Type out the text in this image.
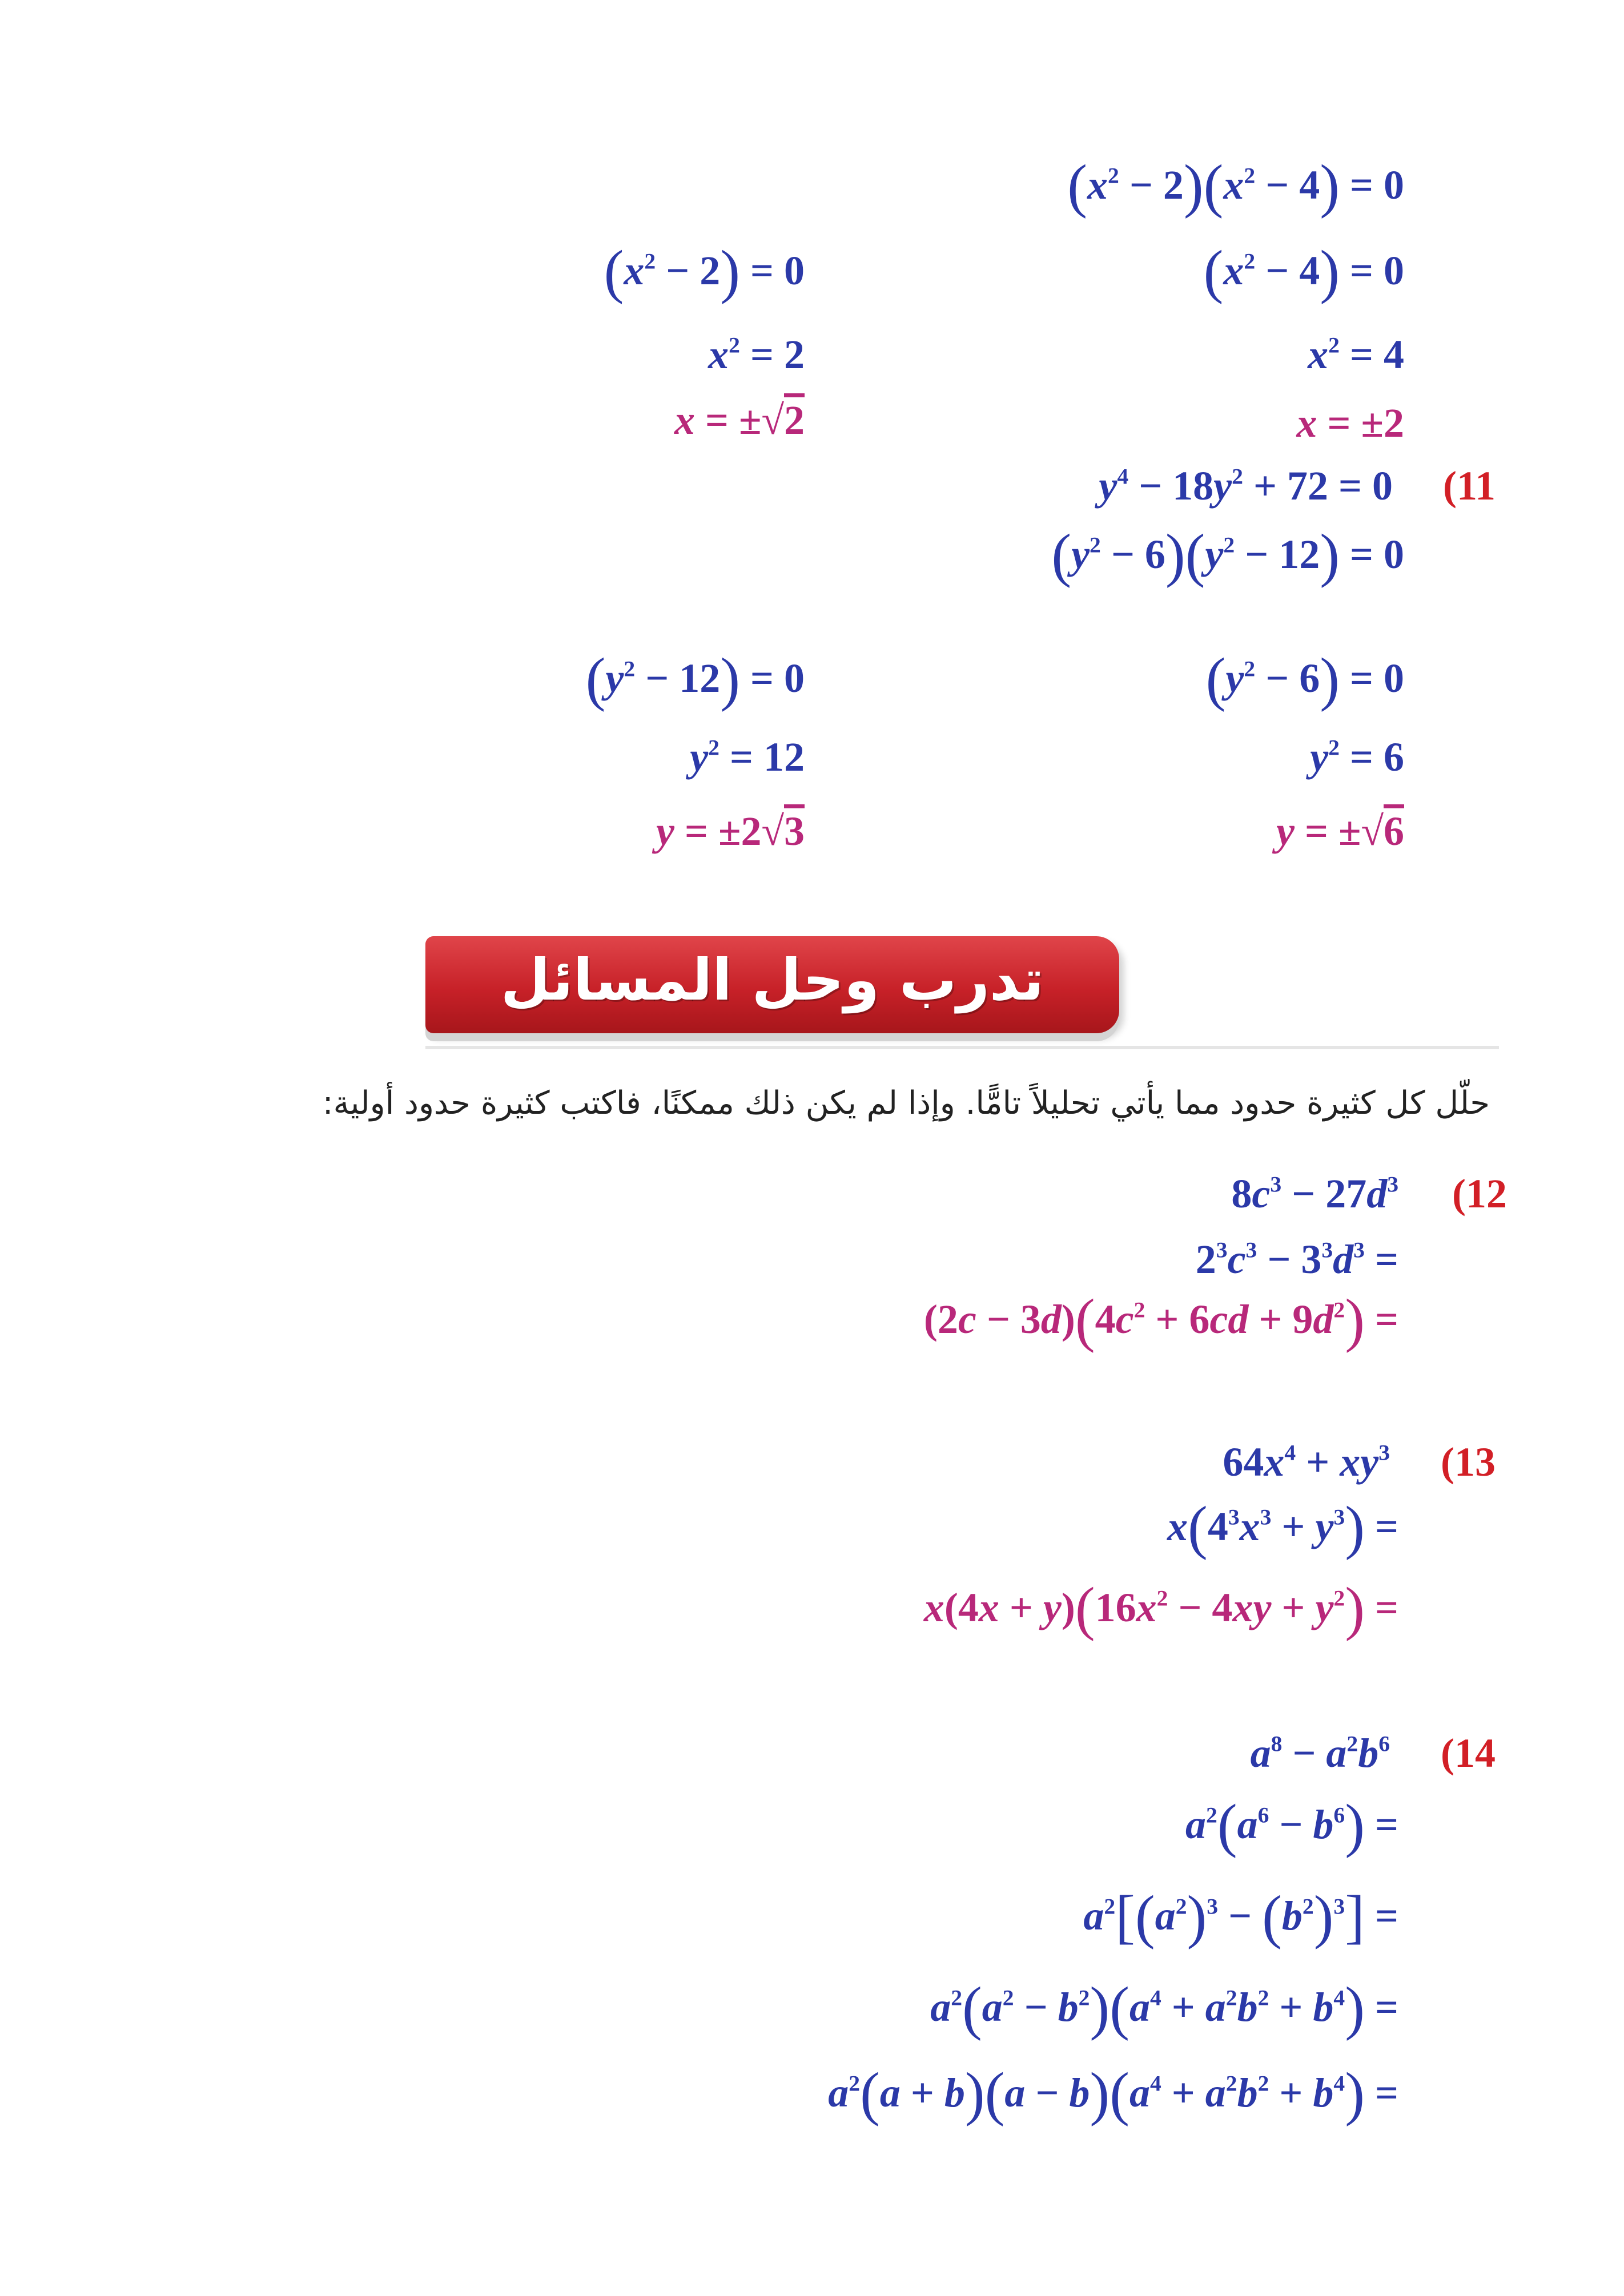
$(x^2 - 2)(x^2 - 4) = 0$
$(x^2 - 4) = 0$
$(x^2 - 2) = 0$
$x^2 = 4$
$x^2 = 2$
x = ±2
x = ±√2
(11
$y^4 - 18y^2 + 72 = 0$
$(y^2 - 6)(y^2 - 12) = 0$
$(y^2 - 6) = 0$
$(y^2 - 12) = 0$
$y^2 = 6$
$y^2 = 12$
y = ±√6
y = ±2√3
تدرب وحل المسائل
حلّل كل كثيرة حدود مما يأتي تحليلاً تامًّا. وإذا لم يكن ذلك ممكنًا، فاكتب كثيرة حدود أولية:
(12
$8c^3 - 27d^3$
$2^3c^3 - 3^3d^3$ =
$(2c - 3d)(4c^2 + 6cd + 9d^2)$ =
(13
$64x^4 + xy^3$
$x(4^3x^3 + y^3)$ =
$x(4x + y)(16x^2 - 4xy + y^2)$ =
(14
$a^8 - a^2b^6$
$a^2(a^6 - b^6)$ =
$a^2[(a^2)^3 - (b^2)^3]$ =
$a^2(a^2 - b^2)(a^4 + a^2b^2 + b^4)$ =
$a^2(a + b)(a - b)(a^4 + a^2b^2 + b^4)$ =
